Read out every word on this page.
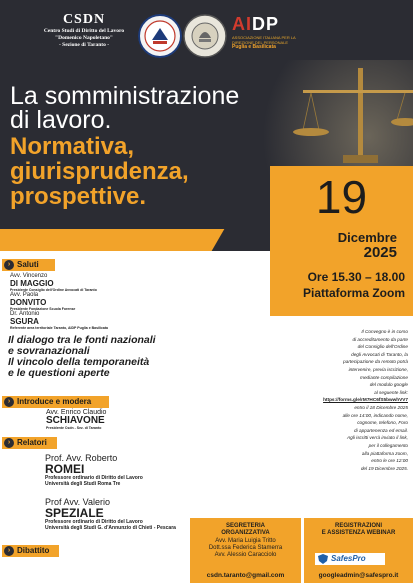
CSDN
Centro Studi di Diritto del Lavoro
"Domenico Napoletano"
- Sezione di Taranto -
AIDP
ASSOCIAZIONE ITALIANA PER LA DIREZIONE DEL PERSONALE
Puglia e Basilicata
La somministrazione
di lavoro.
Normativa,
giurisprudenza,
prospettive.	19
Dicembre
2025
Ore 15.30 – 18.00
Piattaforma Zoom
› Saluti
Avv. Vincenzo
DI MAGGIO
Presidente Consiglio dell'Ordine Avvocati di Taranto
Avv. Paola
DONVITO
Presidente Fondazione Scuola Forense
Dr. Antonio
SGURA
Referente area territoriale Taranto, AIDP Puglia e Basilicata
Il dialogo tra le fonti nazionali
e sovranazionali
Il vincolo della temporaneità
e le questioni aperte
› Introduce e modera
Avv. Enrico Claudio
SCHIAVONE
Presidente Csdn - Sez. di Taranto
› Relatori
Prof. Avv. Roberto
ROMEI
Professore ordinario di Diritto del Lavoro
Università degli Studi Roma Tre
Prof Avv. Valerio
SPEZIALE
Professore ordinario di Diritto del Lavoro
Università degli Studi G. d'Annunzio di Chieti - Pescara
› Dibattito
Il Convegno è in corso
di accreditamento da parte
del Consiglio dell'Ordine
degli Avvocati di Taranto, la
partecipazione da remoto potrà
intervenire, previa iscrizione,
mediante compilazione
del modulo google
al seguente link:
https://forms.gle/rM7HC6fS5bwwhVV7
entro il 18 Dicembre 2025
alle ore 14:00, indicando nome,
cognome, telefono, Foro
di appartenenza ed email.
Agli iscritti verrà inviato il link,
per il collegamento
alla piattaforma zoom,
entro le ore 12:00
del 19 Dicembre 2025.
SEGRETERIA
ORGANIZZATIVA
Avv. Maria Luigia Tritto
Dott.ssa Federica Stamerra
Avv. Alessio Caracciolo
csdn.taranto@gmail.com
REGISTRAZIONI
E ASSISTENZA WEBINAR
SafesPro
googleadmin@safespro.it
